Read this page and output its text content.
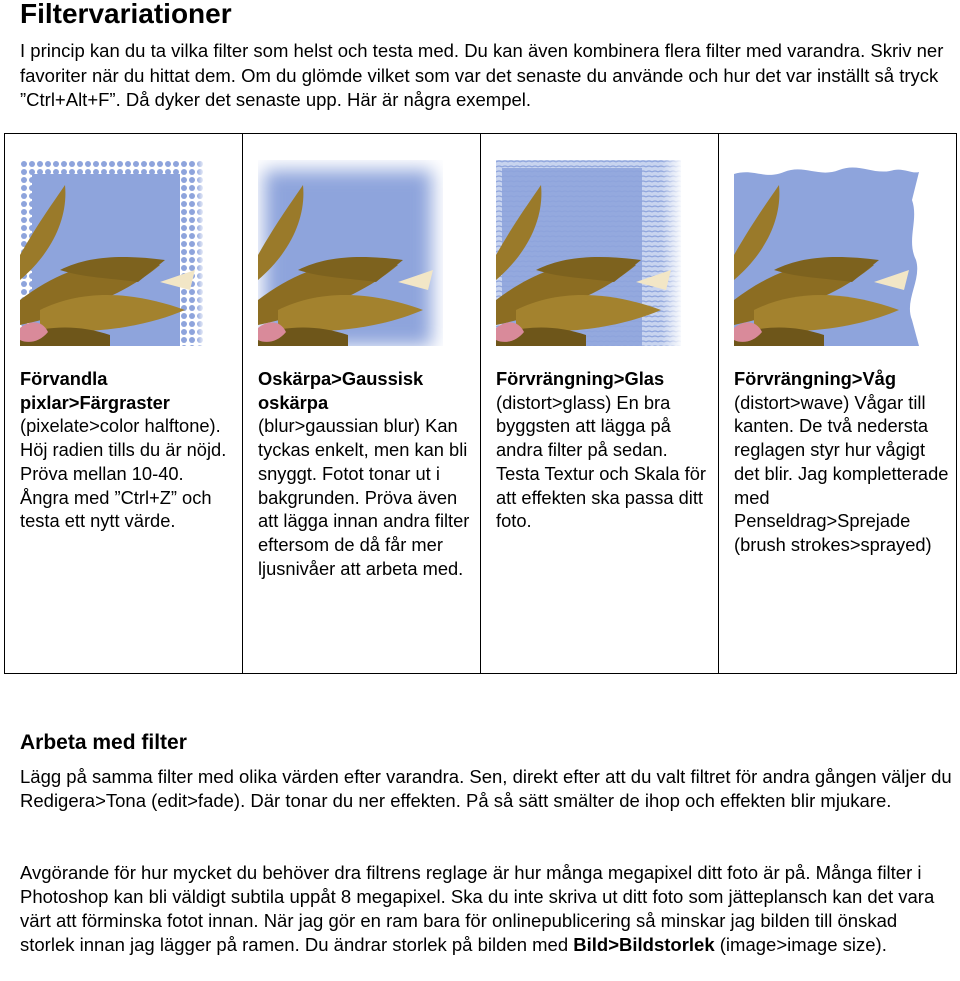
Filtervariationer

I princip kan du ta vilka filter som helst och testa med. Du kan även kombinera flera filter med varandra. Skriv ner favoriter när du hittat dem. Om du glömde vilket som var det senaste du använde och hur det var inställt så tryck ”Ctrl+Alt+F”. Då dyker det senaste upp. Här är några exempel.

Förvandla pixlar>Färgraster
(pixelate>color halftone). Höj radien tills du är nöjd. Pröva mellan 10-40. Ångra med ”Ctrl+Z” och testa ett nytt värde.

Oskärpa>Gaussisk oskärpa
(blur>gaussian blur) Kan tyckas enkelt, men kan bli snyggt. Fotot tonar ut i bakgrunden. Pröva även att lägga innan andra filter eftersom de då får mer ljusnivåer att arbeta med.

Förvrängning>Glas
(distort>glass) En bra byggsten att lägga på andra filter på sedan. Testa Textur och Skala för att effekten ska passa ditt foto.

Förvrängning>Våg
(distort>wave) Vågar till kanten. De två nedersta reglagen styr hur vågigt det blir. Jag kompletterade med Penseldrag>Sprejade (brush strokes>sprayed)
Arbeta med filter

Lägg på samma filter med olika värden efter varandra. Sen, direkt efter att du valt filtret för andra gången väljer du Redigera>Tona (edit>fade). Där tonar du ner effekten. På så sätt smälter de ihop och effekten blir mjukare.

Avgörande för hur mycket du behöver dra filtrens reglage är hur många megapixel ditt foto är på. Många filter i Photoshop kan bli väldigt subtila uppåt 8 megapixel. Ska du inte skriva ut ditt foto som jätteplansch kan det vara värt att förminska fotot innan. När jag gör en ram bara för onlinepublicering så minskar jag bilden till önskad storlek innan jag lägger på ramen. Du ändrar storlek på bilden med Bild>Bildstorlek (image>image size).
